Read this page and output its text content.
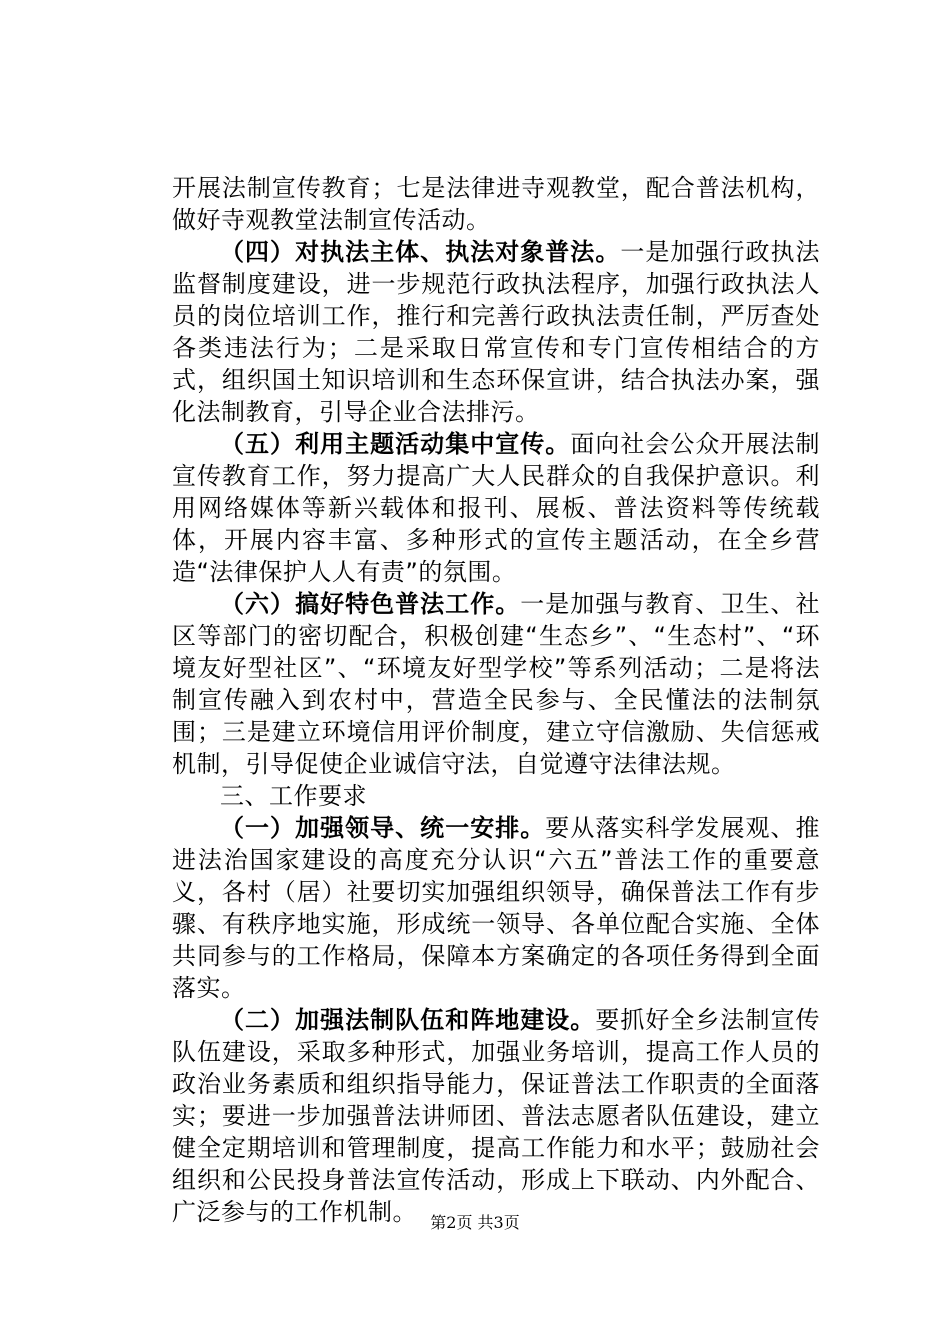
开展法制宣传教育；七是法律进寺观教堂，配合普法机构，做好寺观教堂法制宣传活动。

（四）对执法主体、执法对象普法。一是加强行政执法监督制度建设，进一步规范行政执法程序，加强行政执法人员的岗位培训工作，推行和完善行政执法责任制，严厉查处各类违法行为；二是采取日常宣传和专门宣传相结合的方式，组织国土知识培训和生态环保宣讲，结合执法办案，强化法制教育，引导企业合法排污。

（五）利用主题活动集中宣传。面向社会公众开展法制宣传教育工作，努力提高广大人民群众的自我保护意识。利用网络媒体等新兴载体和报刊、展板、普法资料等传统载体，开展内容丰富、多种形式的宣传主题活动，在全乡营造“法律保护人人有责”的氛围。

（六）搞好特色普法工作。一是加强与教育、卫生、社区等部门的密切配合，积极创建“生态乡”、“生态村”、“环境友好型社区”、“环境友好型学校”等系列活动；二是将法制宣传融入到农村中，营造全民参与、全民懂法的法制氛围；三是建立环境信用评价制度，建立守信激励、失信惩戒机制，引导促使企业诚信守法，自觉遵守法律法规。

三、工作要求

（一）加强领导、统一安排。要从落实科学发展观、推进法治国家建设的高度充分认识“六五”普法工作的重要意义，各村（居）社要切实加强组织领导，确保普法工作有步骤、有秩序地实施，形成统一领导、各单位配合实施、全体共同参与的工作格局，保障本方案确定的各项任务得到全面落实。

（二）加强法制队伍和阵地建设。要抓好全乡法制宣传队伍建设，采取多种形式，加强业务培训，提高工作人员的政治业务素质和组织指导能力，保证普法工作职责的全面落实；要进一步加强普法讲师团、普法志愿者队伍建设，建立健全定期培训和管理制度，提高工作能力和水平；鼓励社会组织和公民投身普法宣传活动，形成上下联动、内外配合、广泛参与的工作机制。 第2页 共3页
